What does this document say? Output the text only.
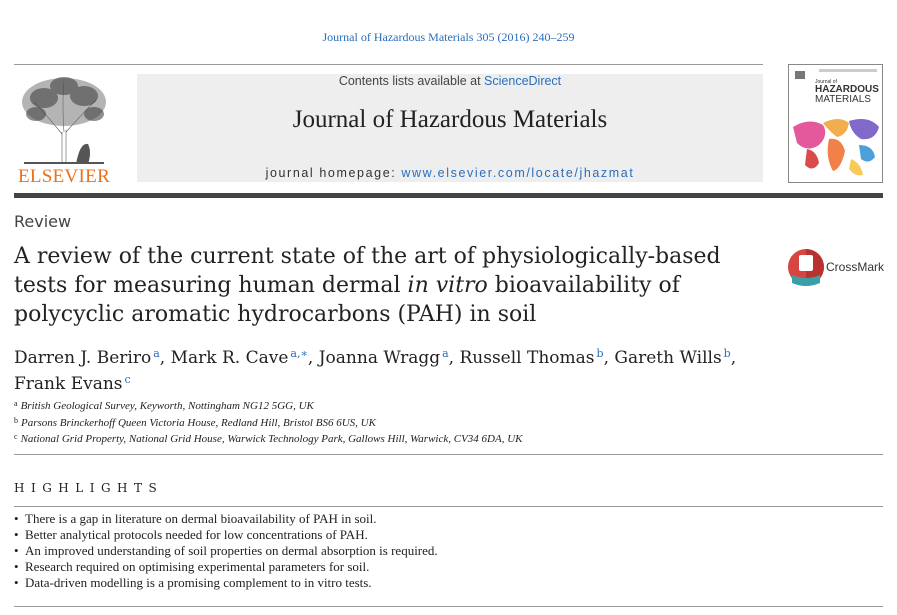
Journal of Hazardous Materials 305 (2016) 240–259
ELSEVIER
Contents lists available at ScienceDirect
Journal of Hazardous Materials
journal homepage: www.elsevier.com/locate/jhazmat
Journal of
HAZARDOUS
MATERIALS
Review
A review of the current state of the art of physiologically-based tests for measuring human dermal in vitro bioavailability of polycyclic aromatic hydrocarbons (PAH) in soil
CrossMark
Darren J. Beriro $^a$, Mark R. Cave $^{a,∗}$, Joanna Wragg $^a$, Russell Thomas $^b$, Gareth Wills $^b$,
Frank Evans $^c$
$^a$ British Geological Survey, Keyworth, Nottingham NG12 5GG, UK
$^b$ Parsons Brinckerhoff Queen Victoria House, Redland Hill, Bristol BS6 6US, UK
$^c$ National Grid Property, National Grid House, Warwick Technology Park, Gallows Hill, Warwick, CV34 6DA, UK
HIGHLIGHTS
• There is a gap in literature on dermal bioavailability of PAH in soil.
• Better analytical protocols needed for low concentrations of PAH.
• An improved understanding of soil properties on dermal absorption is required.
• Research required on optimising experimental parameters for soil.
• Data-driven modelling is a promising complement to in vitro tests.
